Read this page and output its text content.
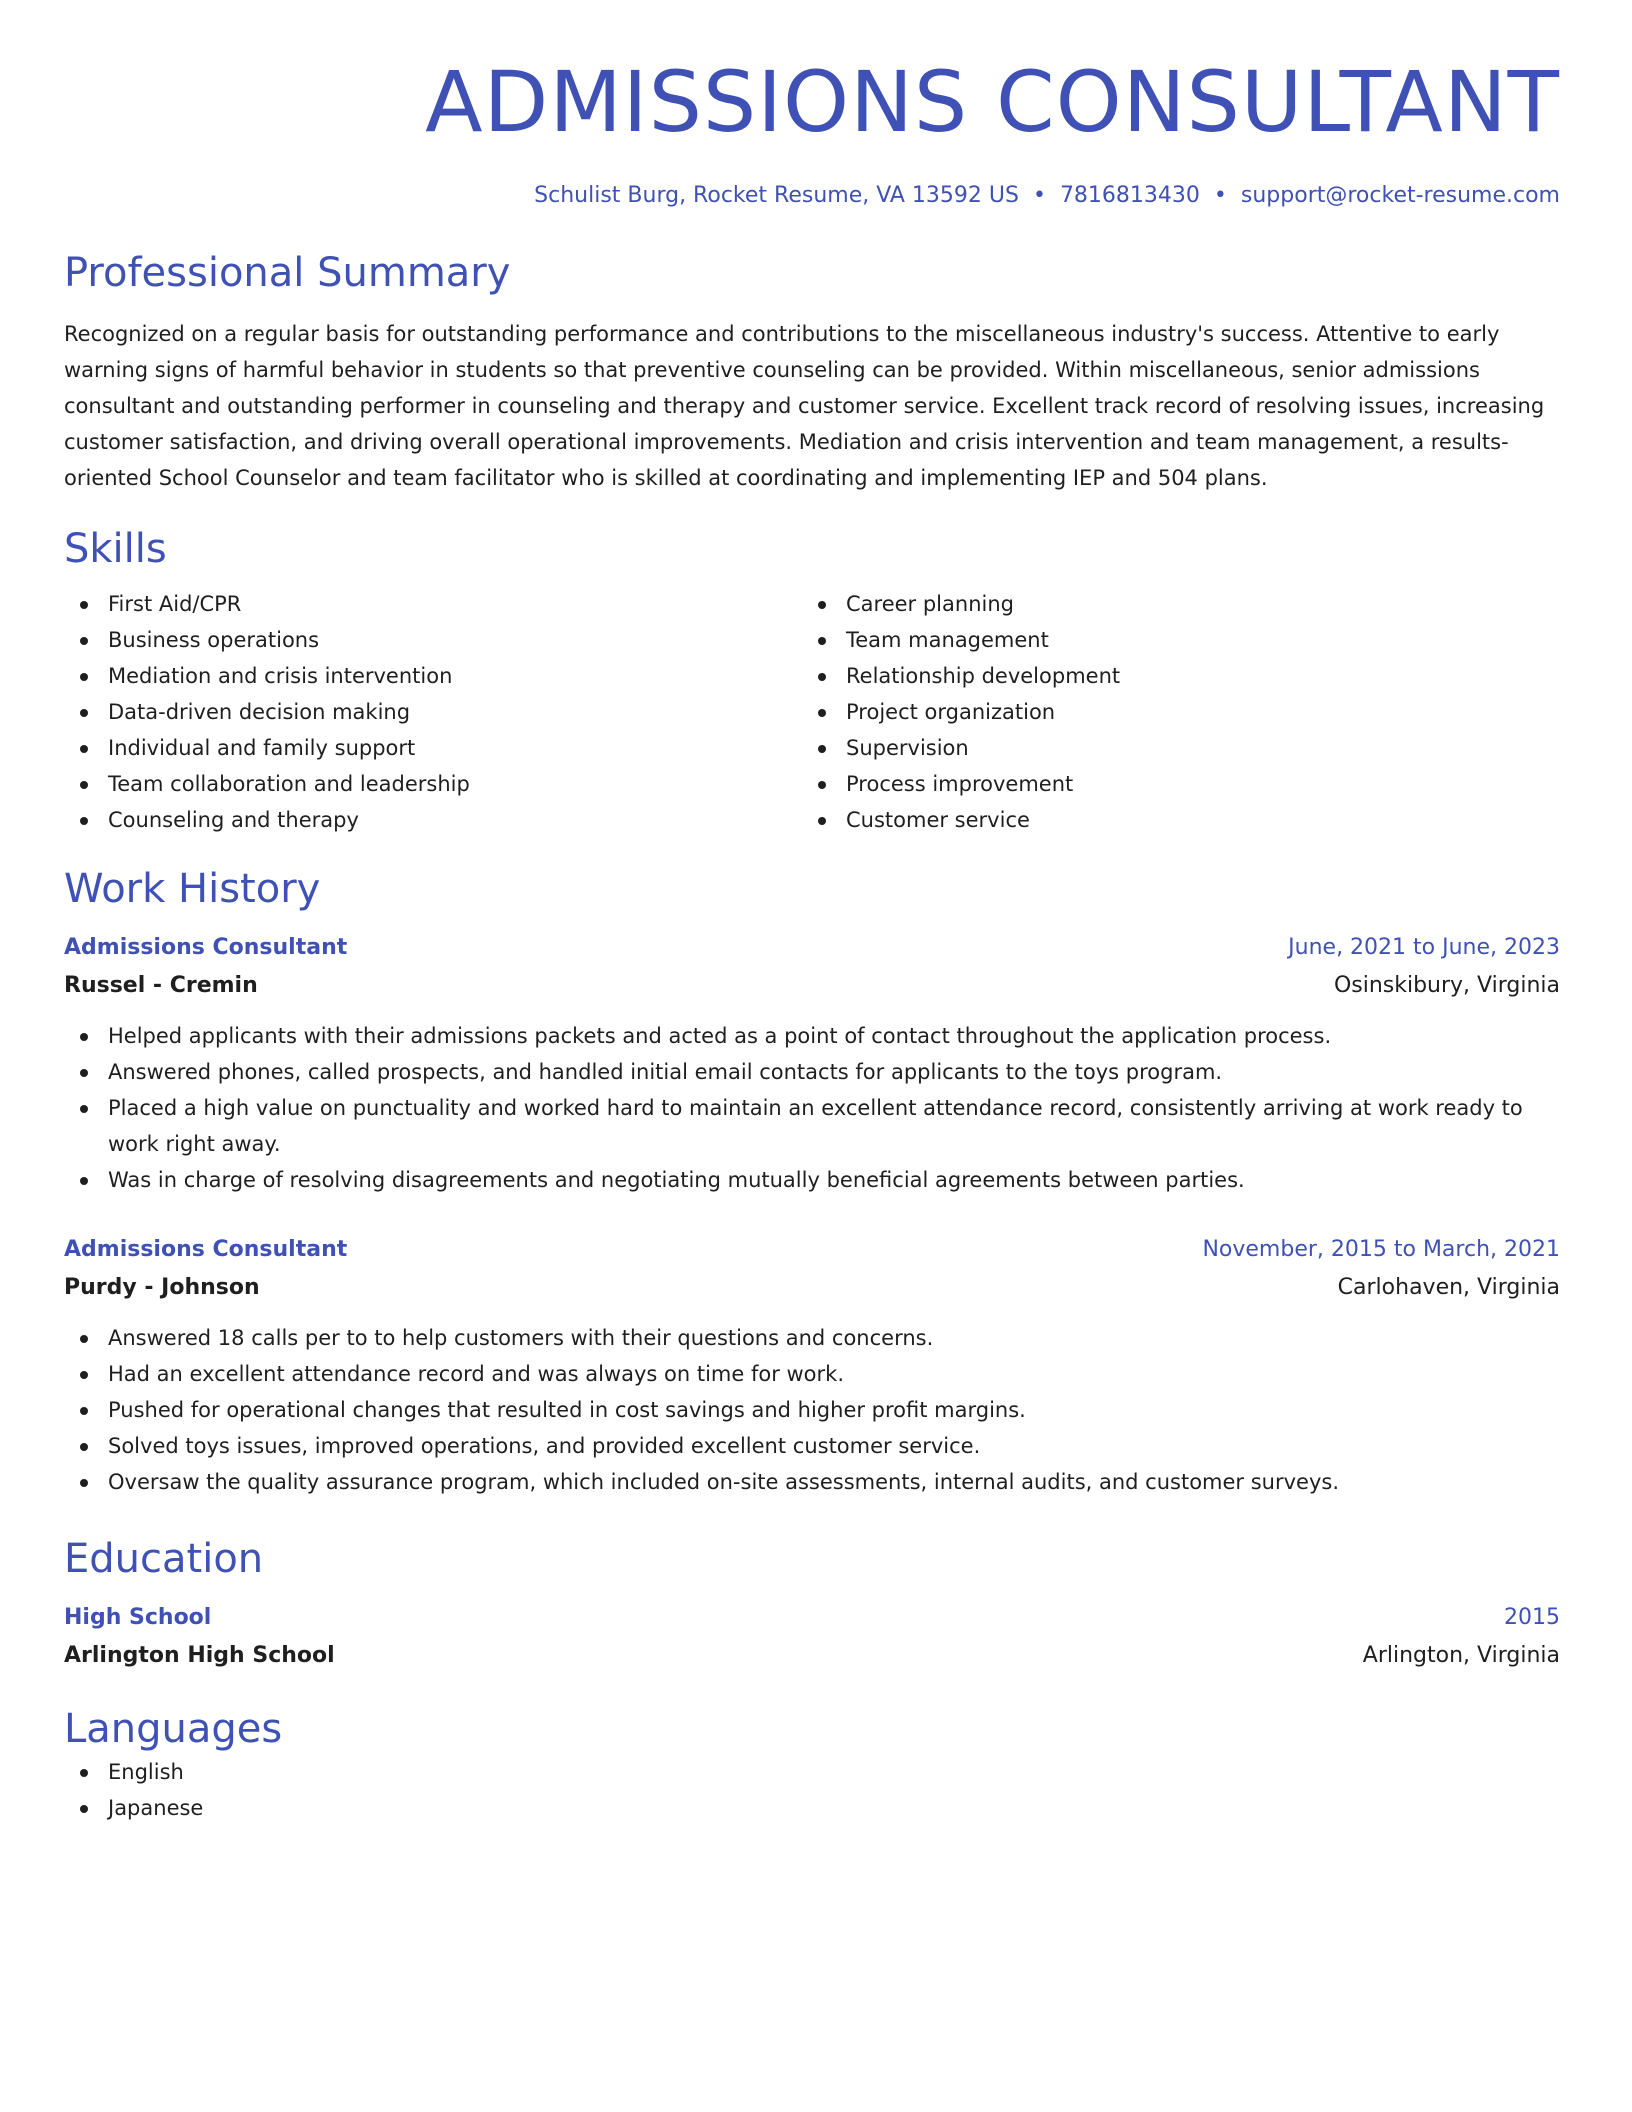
ADMISSIONS CONSULTANT
Schulist Burg, Rocket Resume, VA 13592 US • 7816813430 • support@rocket-resume.com
Professional Summary
Recognized on a regular basis for outstanding performance and contributions to the miscellaneous industry's success. Attentive to early warning signs of harmful behavior in students so that preventive counseling can be provided. Within miscellaneous, senior admissions consultant and outstanding performer in counseling and therapy and customer service. Excellent track record of resolving issues, increasing customer satisfaction, and driving overall operational improvements. Mediation and crisis intervention and team management, a results-oriented School Counselor and team facilitator who is skilled at coordinating and implementing IEP and 504 plans.
Skills
First Aid/CPR
Business operations
Mediation and crisis intervention
Data-driven decision making
Individual and family support
Team collaboration and leadership
Counseling and therapy
Career planning
Team management
Relationship development
Project organization
Supervision
Process improvement
Customer service
Work History
Admissions Consultant	June, 2021 to June, 2023
Russel - Cremin	Osinskibury, Virginia
Helped applicants with their admissions packets and acted as a point of contact throughout the application process.
Answered phones, called prospects, and handled initial email contacts for applicants to the toys program.
Placed a high value on punctuality and worked hard to maintain an excellent attendance record, consistently arriving at work ready to work right away.
Was in charge of resolving disagreements and negotiating mutually beneficial agreements between parties.
Admissions Consultant	November, 2015 to March, 2021
Purdy - Johnson	Carlohaven, Virginia
Answered 18 calls per to to help customers with their questions and concerns.
Had an excellent attendance record and was always on time for work.
Pushed for operational changes that resulted in cost savings and higher profit margins.
Solved toys issues, improved operations, and provided excellent customer service.
Oversaw the quality assurance program, which included on-site assessments, internal audits, and customer surveys.
Education
High School	2015
Arlington High School	Arlington, Virginia
Languages
English
Japanese
